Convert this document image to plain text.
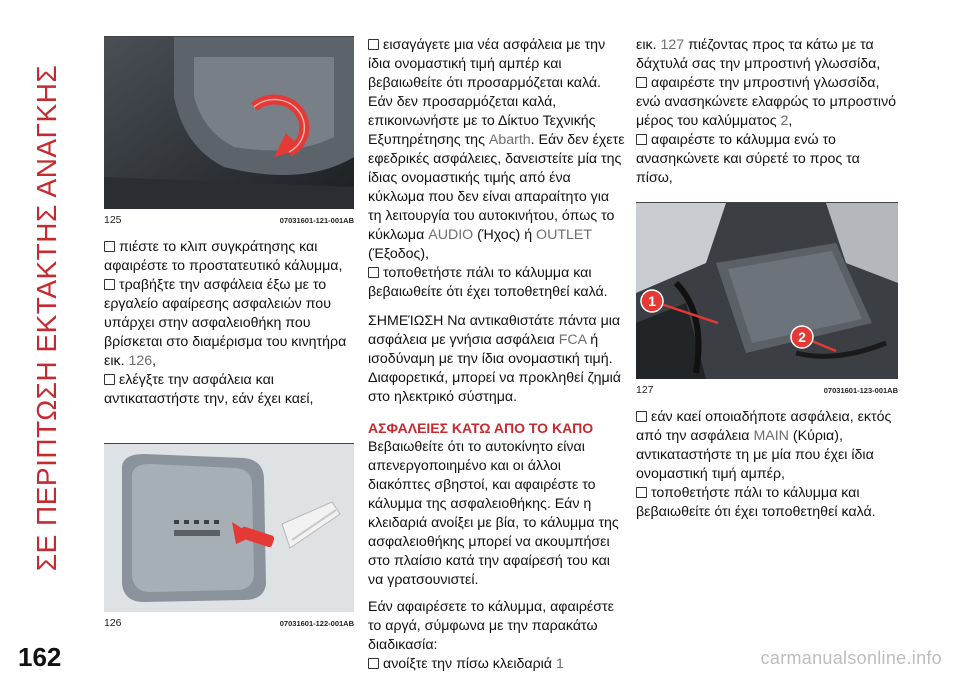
ΣΕ ΠΕΡΙΠΤΩΣΗ ΕΚΤΑΚΤΗΣ ΑΝΑΓΚΗΣ	125	07031601-121-001AB

πιέστε το κλιπ συγκράτησης και αφαιρέστε το προστατευτικό κάλυμμα,

τραβήξτε την ασφάλεια έξω με το εργαλείο αφαίρεσης ασφαλειών που υπάρχει στην ασφαλειοθήκη που βρίσκεται στο διαμέρισμα του κινητήρα εικ. 126,

ελέγξτε την ασφάλεια και αντικαταστήστε την, εάν έχει καεί,

126	07031601-122-001AB

εισαγάγετε μια νέα ασφάλεια με την ίδια ονομαστική τιμή αμπέρ και βεβαιωθείτε ότι προσαρμόζεται καλά. Εάν δεν προσαρμόζεται καλά, επικοινωνήστε με το Δίκτυο Τεχνικής Εξυπηρέτησης της Abarth. Εάν δεν έχετε εφεδρικές ασφάλειες, δανειστείτε μία της ίδιας ονομαστικής τιμής από ένα κύκλωμα που δεν είναι απαραίτητο για τη λειτουργία του αυτοκινήτου, όπως το κύκλωμα AUDIO (Ήχος) ή OUTLET (Έξοδος),

τοποθετήστε πάλι το κάλυμμα και βεβαιωθείτε ότι έχει τοποθετηθεί καλά.

ΣΗΜΕΊΩΣΗ Να αντικαθιστάτε πάντα μια ασφάλεια με γνήσια ασφάλεια FCA ή ισοδύναμη με την ίδια ονομαστική τιμή. Διαφορετικά, μπορεί να προκληθεί ζημιά στο ηλεκτρικό σύστημα.

ΑΣΦΑΛΕΙΕΣ ΚΑΤΩ ΑΠΟ ΤΟ ΚΑΠΟ

Βεβαιωθείτε ότι το αυτοκίνητο είναι απενεργοποιημένο και οι άλλοι διακόπτες σβηστοί, και αφαιρέστε το κάλυμμα της ασφαλειοθήκης. Εάν η κλειδαριά ανοίξει με βία, το κάλυμμα της ασφαλειοθήκης μπορεί να ακουμπήσει στο πλαίσιο κατά την αφαίρεσή του και να γρατσουνιστεί.

Εάν αφαιρέσετε το κάλυμμα, αφαιρέστε το αργά, σύμφωνα με την παρακάτω διαδικασία:

ανοίξτε την πίσω κλειδαριά 1

εικ. 127 πιέζοντας προς τα κάτω με τα δάχτυλά σας την μπροστινή γλωσσίδα,

αφαιρέστε την μπροστινή γλωσσίδα, ενώ ανασηκώνετε ελαφρώς το μπροστινό μέρος του καλύμματος 2,

αφαιρέστε το κάλυμμα ενώ το ανασηκώνετε και σύρετέ το προς τα πίσω,

1
2
127	07031601-123-001AB

εάν καεί οποιαδήποτε ασφάλεια, εκτός από την ασφάλεια MAIN (Κύρια), αντικαταστήστε τη με μία που έχει ίδια ονομαστική τιμή αμπέρ,

τοποθετήστε πάλι το κάλυμμα και βεβαιωθείτε ότι έχει τοποθετηθεί καλά.

162	carmanualsonline.info
